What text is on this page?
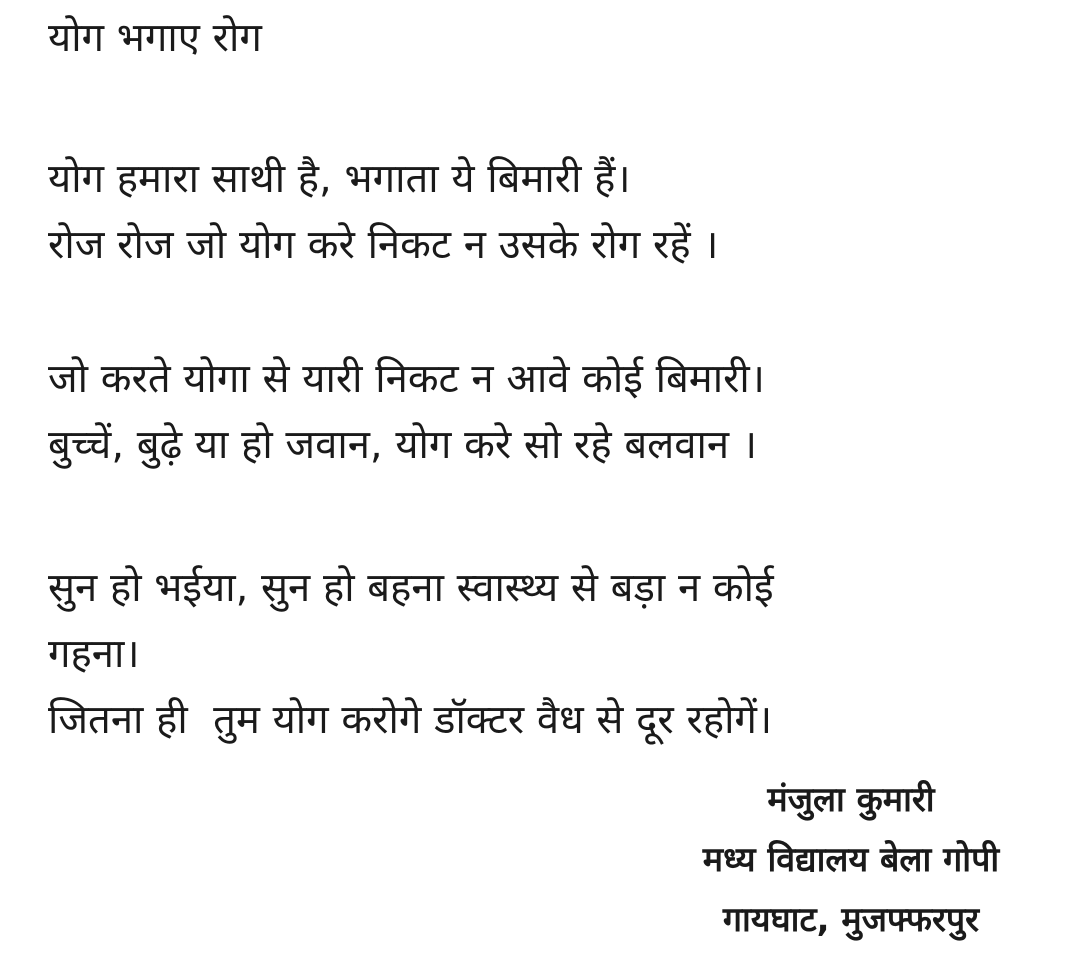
योग भगाए रोग
योग हमारा साथी है, भगाता ये बिमारी हैं।
रोज रोज जो योग करे निकट न उसके रोग रहें ।
जो करते योगा से यारी निकट न आवे कोई बिमारी।
बुच्चें, बुढ़े या हो जवान, योग करे सो रहे बलवान ।
सुन हो भईया, सुन हो बहना स्वास्थ्य से बड़ा न कोई
गहना।
जितना ही  तुम योग करोगे डॉक्टर वैध से दूर रहोगें।
मंजुला कुमारी
मध्य विद्यालय बेला गोपी
गायघाट, मुजफ्फरपुर
